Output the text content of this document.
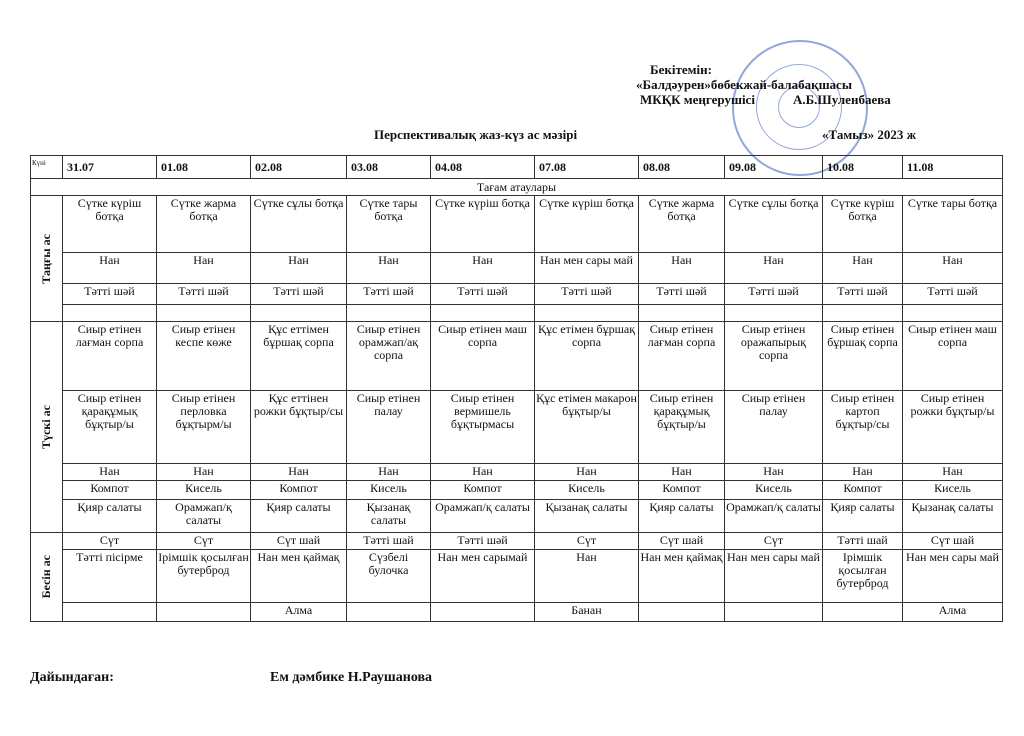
Бекітемін:
«Балдәурен»бөбекжай-балабақшасы
МКҚК меңгерушісі	А.Б.Шуленбаева
Перспективалық жаз-күз ас мәзірі	«Тамыз» 2023 ж
Күні	31.07	01.08	02.08	03.08	04.08	07.08	08.08	09.08	10.08	11.08
Тағам атаулары										

Таңғы ас	Сүтке күріш ботқа	Сүтке жарма ботқа	Сүтке сұлы ботқа	Сүтке тары ботқа	Сүтке күріш ботқа	Сүтке күріш ботқа	Сүтке жарма ботқа	Сүтке сұлы ботқа	Сүтке күріш ботқа	Сүтке тары ботқа
	Нан	Нан	Нан	Нан	Нан	Нан мен сары май	Нан	Нан	Нан	Нан
	Тәтті шәй	Тәтті шәй	Тәтті шәй	Тәтті шәй	Тәтті шәй	Тәтті шәй	Тәтті шәй	Тәтті шәй	Тәтті шәй	Тәтті шәй

Түскі ас	Сиыр етінен лағман сорпа	Сиыр етінен кеспе көже	Құс еттімен бұршақ сорпа	Сиыр етінен орамжап/ақ сорпа	Сиыр етінен маш сорпа	Құс етімен бұршақ сорпа	Сиыр етінен лағман сорпа	Сиыр етінен оражапырық сорпа	Сиыр етінен бұршақ сорпа	Сиыр етінен маш сорпа
	Сиыр етінен қарақұмық бұқтыр/ы	Сиыр етінен перловка бұқтырм/ы	Құс еттінен рожки бұқтыр/сы	Сиыр етінен палау	Сиыр етінен вермишель бұқтырмасы	Құс етімен макарон бұқтыр/ы	Сиыр етінен қарақұмық бұқтыр/ы	Сиыр етінен палау	Сиыр етінен картоп бұқтыр/сы	Сиыр етінен рожки бұқтыр/ы
	Нан	Нан	Нан	Нан	Нан	Нан	Нан	Нан	Нан	Нан
	Компот	Кисель	Компот	Кисель	Компот	Кисель	Компот	Кисель	Компот	Кисель
	Қияр салаты	Орамжап/қ салаты	Қияр салаты	Қызанақ салаты	Орамжап/қ салаты	Қызанақ салаты	Қияр салаты	Орамжап/қ салаты	Қияр салаты	Қызанақ салаты

Бесін ас	Сүт	Сүт	Сүт шай	Тәтті шай	Тәтті шәй	Сүт	Сүт шай	Сүт	Тәтті шай	Сүт шай
	Тәтті пісірме	Ірімшік қосылған бутерброд	Нан мен қаймақ	Сүзбелі булочка	Нан мен сарымай	Нан	Нан мен қаймақ	Нан мен сары май	Ірімшік қосылған бутерброд	Нан мен сары май
			Алма			Банан				Алма
Дайындаған:	Ем дәмбике Н.Раушанова
